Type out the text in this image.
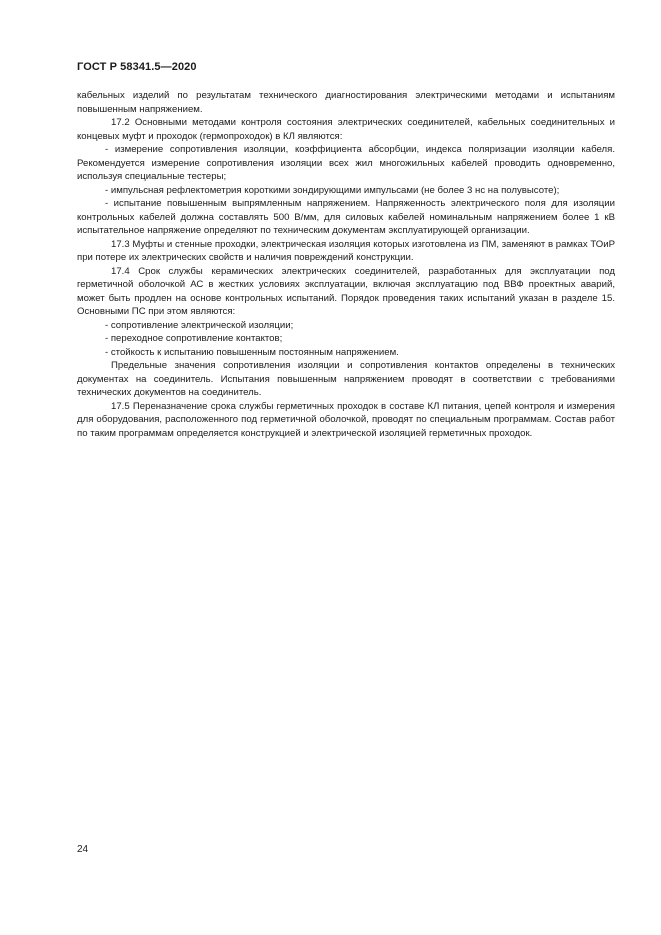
ГОСТ Р 58341.5—2020

кабельных изделий по результатам технического диагностирования электрическими методами и испытаниям повышенным напряжением.

17.2 Основными методами контроля состояния электрических соединителей, кабельных соединительных и концевых муфт и проходок (гермопроходок) в КЛ являются:

- измерение сопротивления изоляции, коэффициента абсорбции, индекса поляризации изоляции кабеля. Рекомендуется измерение сопротивления изоляции всех жил многожильных кабелей проводить одновременно, используя специальные тестеры;

- импульсная рефлектометрия короткими зондирующими импульсами (не более 3 нс на полувысоте);

- испытание повышенным выпрямленным напряжением. Напряженность электрического поля для изоляции контрольных кабелей должна составлять 500 В/мм, для силовых кабелей номинальным напряжением более 1 кВ испытательное напряжение определяют по техническим документам эксплуатирующей организации.

17.3 Муфты и стенные проходки, электрическая изоляция которых изготовлена из ПМ, заменяют в рамках ТОиР при потере их электрических свойств и наличия повреждений конструкции.

17.4 Срок службы керамических электрических соединителей, разработанных для эксплуатации под герметичной оболочкой АС в жестких условиях эксплуатации, включая эксплуатацию под ВВФ проектных аварий, может быть продлен на основе контрольных испытаний. Порядок проведения таких испытаний указан в разделе 15. Основными ПС при этом являются:

- сопротивление электрической изоляции;

- переходное сопротивление контактов;

- стойкость к испытанию повышенным постоянным напряжением.

Предельные значения сопротивления изоляции и сопротивления контактов определены в технических документах на соединитель. Испытания повышенным напряжением проводят в соответствии с требованиями технических документов на соединитель.

17.5 Переназначение срока службы герметичных проходок в составе КЛ питания, цепей контроля и измерения для оборудования, расположенного под герметичной оболочкой, проводят по специальным программам. Состав работ по таким программам определяется конструкцией и электрической изоляцией герметичных проходок.

24
